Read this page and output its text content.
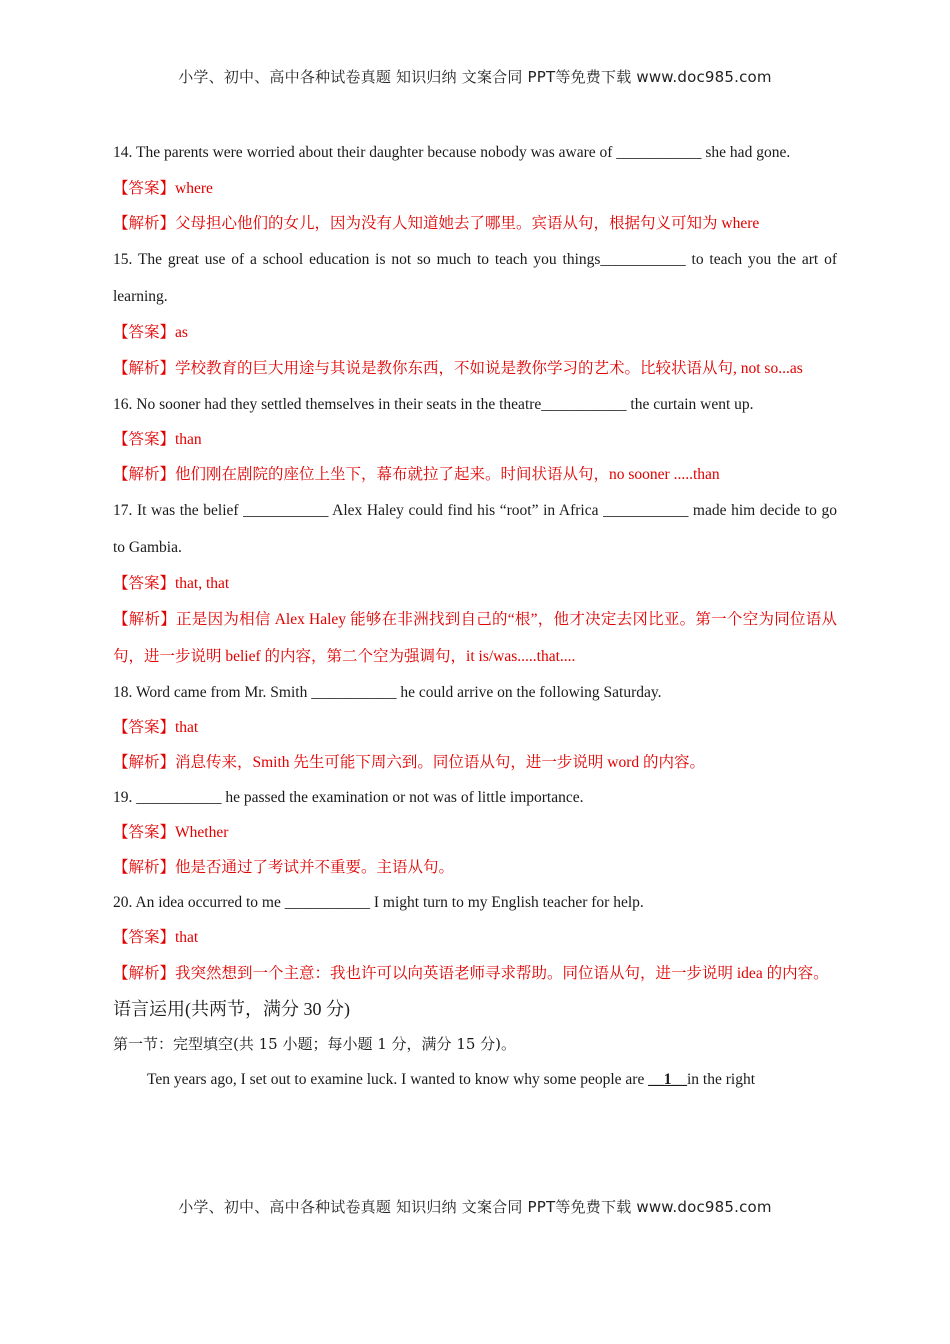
小学、初中、高中各种试卷真题 知识归纳 文案合同 PPT等免费下载 www.doc985.com

14. The parents were worried about their daughter because nobody was aware of ___________ she had gone.

【答案】where

【解析】父母担心他们的女儿，因为没有人知道她去了哪里。宾语从句，根据句义可知为 where

15. The great use of a school education is not so much to teach you things___________ to teach you the art of learning.

【答案】as

【解析】学校教育的巨大用途与其说是教你东西，不如说是教你学习的艺术。比较状语从句, not so...as

16. No sooner had they settled themselves in their seats in the theatre___________ the curtain went up.

【答案】than

【解析】他们刚在剧院的座位上坐下，幕布就拉了起来。时间状语从句，no sooner .....than

17. It was the belief ___________ Alex Haley could find his “root” in Africa ___________ made him decide to go to Gambia.

【答案】that, that

【解析】正是因为相信 Alex Haley 能够在非洲找到自己的“根”，他才决定去冈比亚。第一个空为同位语从句，进一步说明 belief 的内容，第二个空为强调句，it is/was.....that....

18. Word came from Mr. Smith ___________ he could arrive on the following Saturday.

【答案】that

【解析】消息传来，Smith 先生可能下周六到。同位语从句，进一步说明 word 的内容。

19. ___________ he passed the examination or not was of little importance.

【答案】Whether

【解析】他是否通过了考试并不重要。主语从句。

20. An idea occurred to me ___________ I might turn to my English teacher for help.

【答案】that

【解析】我突然想到一个主意：我也许可以向英语老师寻求帮助。同位语从句，进一步说明 idea 的内容。

语言运用(共两节，满分 30 分)

第一节：完型填空(共 15 小题；每小题 1 分，满分 15 分)。

Ten years ago, I set out to examine luck. I wanted to know why some people are __1__in the right

小学、初中、高中各种试卷真题 知识归纳 文案合同 PPT等免费下载 www.doc985.com
